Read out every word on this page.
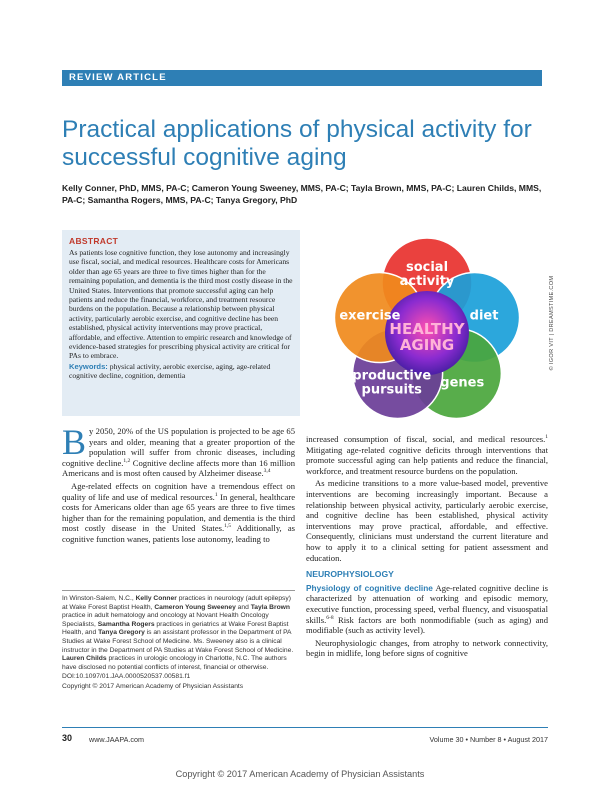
REVIEW ARTICLE
Practical applications of physical activity for successful cognitive aging
Kelly Conner, PhD, MMS, PA-C; Cameron Young Sweeney, MMS, PA-C; Tayla Brown, MMS, PA-C; Lauren Childs, MMS, PA-C; Samantha Rogers, MMS, PA-C; Tanya Gregory, PhD
ABSTRACT

As patients lose cognitive function, they lose autonomy and increasingly use fiscal, social, and medical resources. Healthcare costs for Americans older than age 65 years are three to five times higher than for the remaining population, and dementia is the third most costly disease in the United States. Interventions that promote successful aging can help patients and reduce the financial, workforce, and treatment resource burdens on the population. Because a relationship between physical activity, particularly aerobic exercise, and cognitive decline has been established, physical activity interventions may prove practical, affordable, and effective. Attention to empiric research and knowledge of evidence-based strategies for prescribing physical activity are critical for PAs to embrace.

Keywords: physical activity, aerobic exercise, aging, age-related cognitive decline, cognition, dementia
HEALTHY
AGING
social
activity
diet
genes
productive
pursuits
exercise	© IGOR VIT | DREAMSTIME.COM

By 2050, 20% of the US population is projected to be age 65 years and older, meaning that a greater proportion of the population will suffer from chronic diseases, including cognitive decline.$^{1,2}$ Cognitive decline affects more than 16 million Americans and is most often caused by Alzheimer disease.$^{3,4}$

Age-related effects on cognition have a tremendous effect on quality of life and use of medical resources.$^1$ In general, healthcare costs for Americans older than age 65 years are three to five times higher than for the remaining population, and dementia is the third most costly disease in the United States.$^{1,5}$ Additionally, as cognitive function wanes, patients lose autonomy, leading to

increased consumption of fiscal, social, and medical resources.$^1$ Mitigating age-related cognitive deficits through interventions that promote successful aging can help patients and reduce the financial, workforce, and treatment resource burdens on the population.

As medicine transitions to a more value-based model, preventive interventions are becoming increasingly important. Because a relationship between physical activity, particularly aerobic exercise, and cognitive decline has been established, physical activity interventions may prove practical, affordable, and effective. Consequently, clinicians must understand the current literature and how to apply it to a clinical setting for patient assessment and education.

NEUROPHYSIOLOGY

Physiology of cognitive decline Age-related cognitive decline is characterized by attenuation of working and episodic memory, executive function, processing speed, verbal fluency, and visuospatial skills.$^{6-8}$ Risk factors are both nonmodifiable (such as aging) and modifiable (such as activity level).

Neurophysiologic changes, from atrophy to network connectivity, begin in midlife, long before signs of cognitive

In Winston-Salem, N.C., Kelly Conner practices in neurology (adult epilepsy) at Wake Forest Baptist Health, Cameron Young Sweeney and Tayla Brown practice in adult hematology and oncology at Novant Health Oncology Specialists, Samantha Rogers practices in geriatrics at Wake Forest Baptist Health, and Tanya Gregory is an assistant professor in the Department of PA Studies at Wake Forest School of Medicine. Ms. Sweeney also is a clinical instructor in the Department of PA Studies at Wake Forest School of Medicine. Lauren Childs practices in urologic oncology in Charlotte, N.C. The authors have disclosed no potential conflicts of interest, financial or otherwise.

DOI:10.1097/01.JAA.0000520537.00581.f1

Copyright © 2017 American Academy of Physician Assistants

30 www.JAAPA.com	Volume 30 • Number 8 • August 2017
Copyright © 2017 American Academy of Physician Assistants
